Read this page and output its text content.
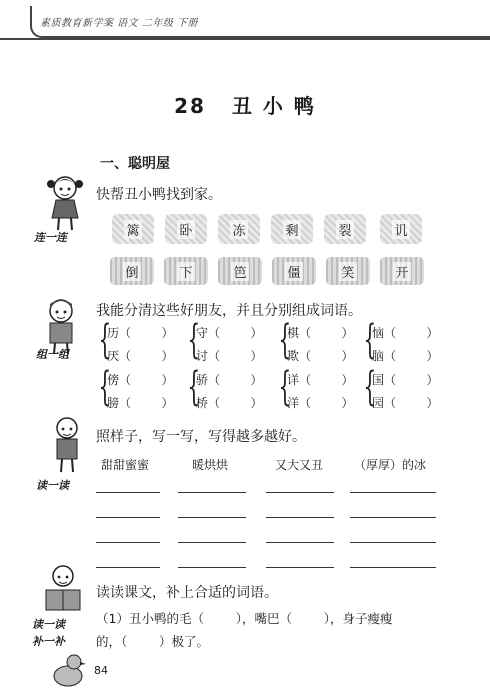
素质教育新学案 语文 二年级 下册
28 丑 小 鸭
一、聪明屋
连一连
快帮丑小鸭找到家。
篱	卧	冻	剩	裂	讥
倒	下	笆	僵	笑	开
组一组
我能分清这些好朋友，并且分别组成词语。
{
历（        ）
厌（        ） {
守（        ）
讨（        ） {
棋（        ）
欺（        ） {
恼（        ）
脑（        ）
{
傍（        ）
膀（        ） {
骄（        ）
桥（        ） {
详（        ）
洋（        ） {
国（        ）
园（        ）
读一读
照样子，写一写，写得越多越好。
甜甜蜜蜜	暖烘烘	又大又丑	（厚厚）的冰
读一读
补一补
读读课文，补上合适的词语。
（1）丑小鸭的毛（        ），嘴巴（        ），身子瘦瘦
的，（        ）极了。
84
